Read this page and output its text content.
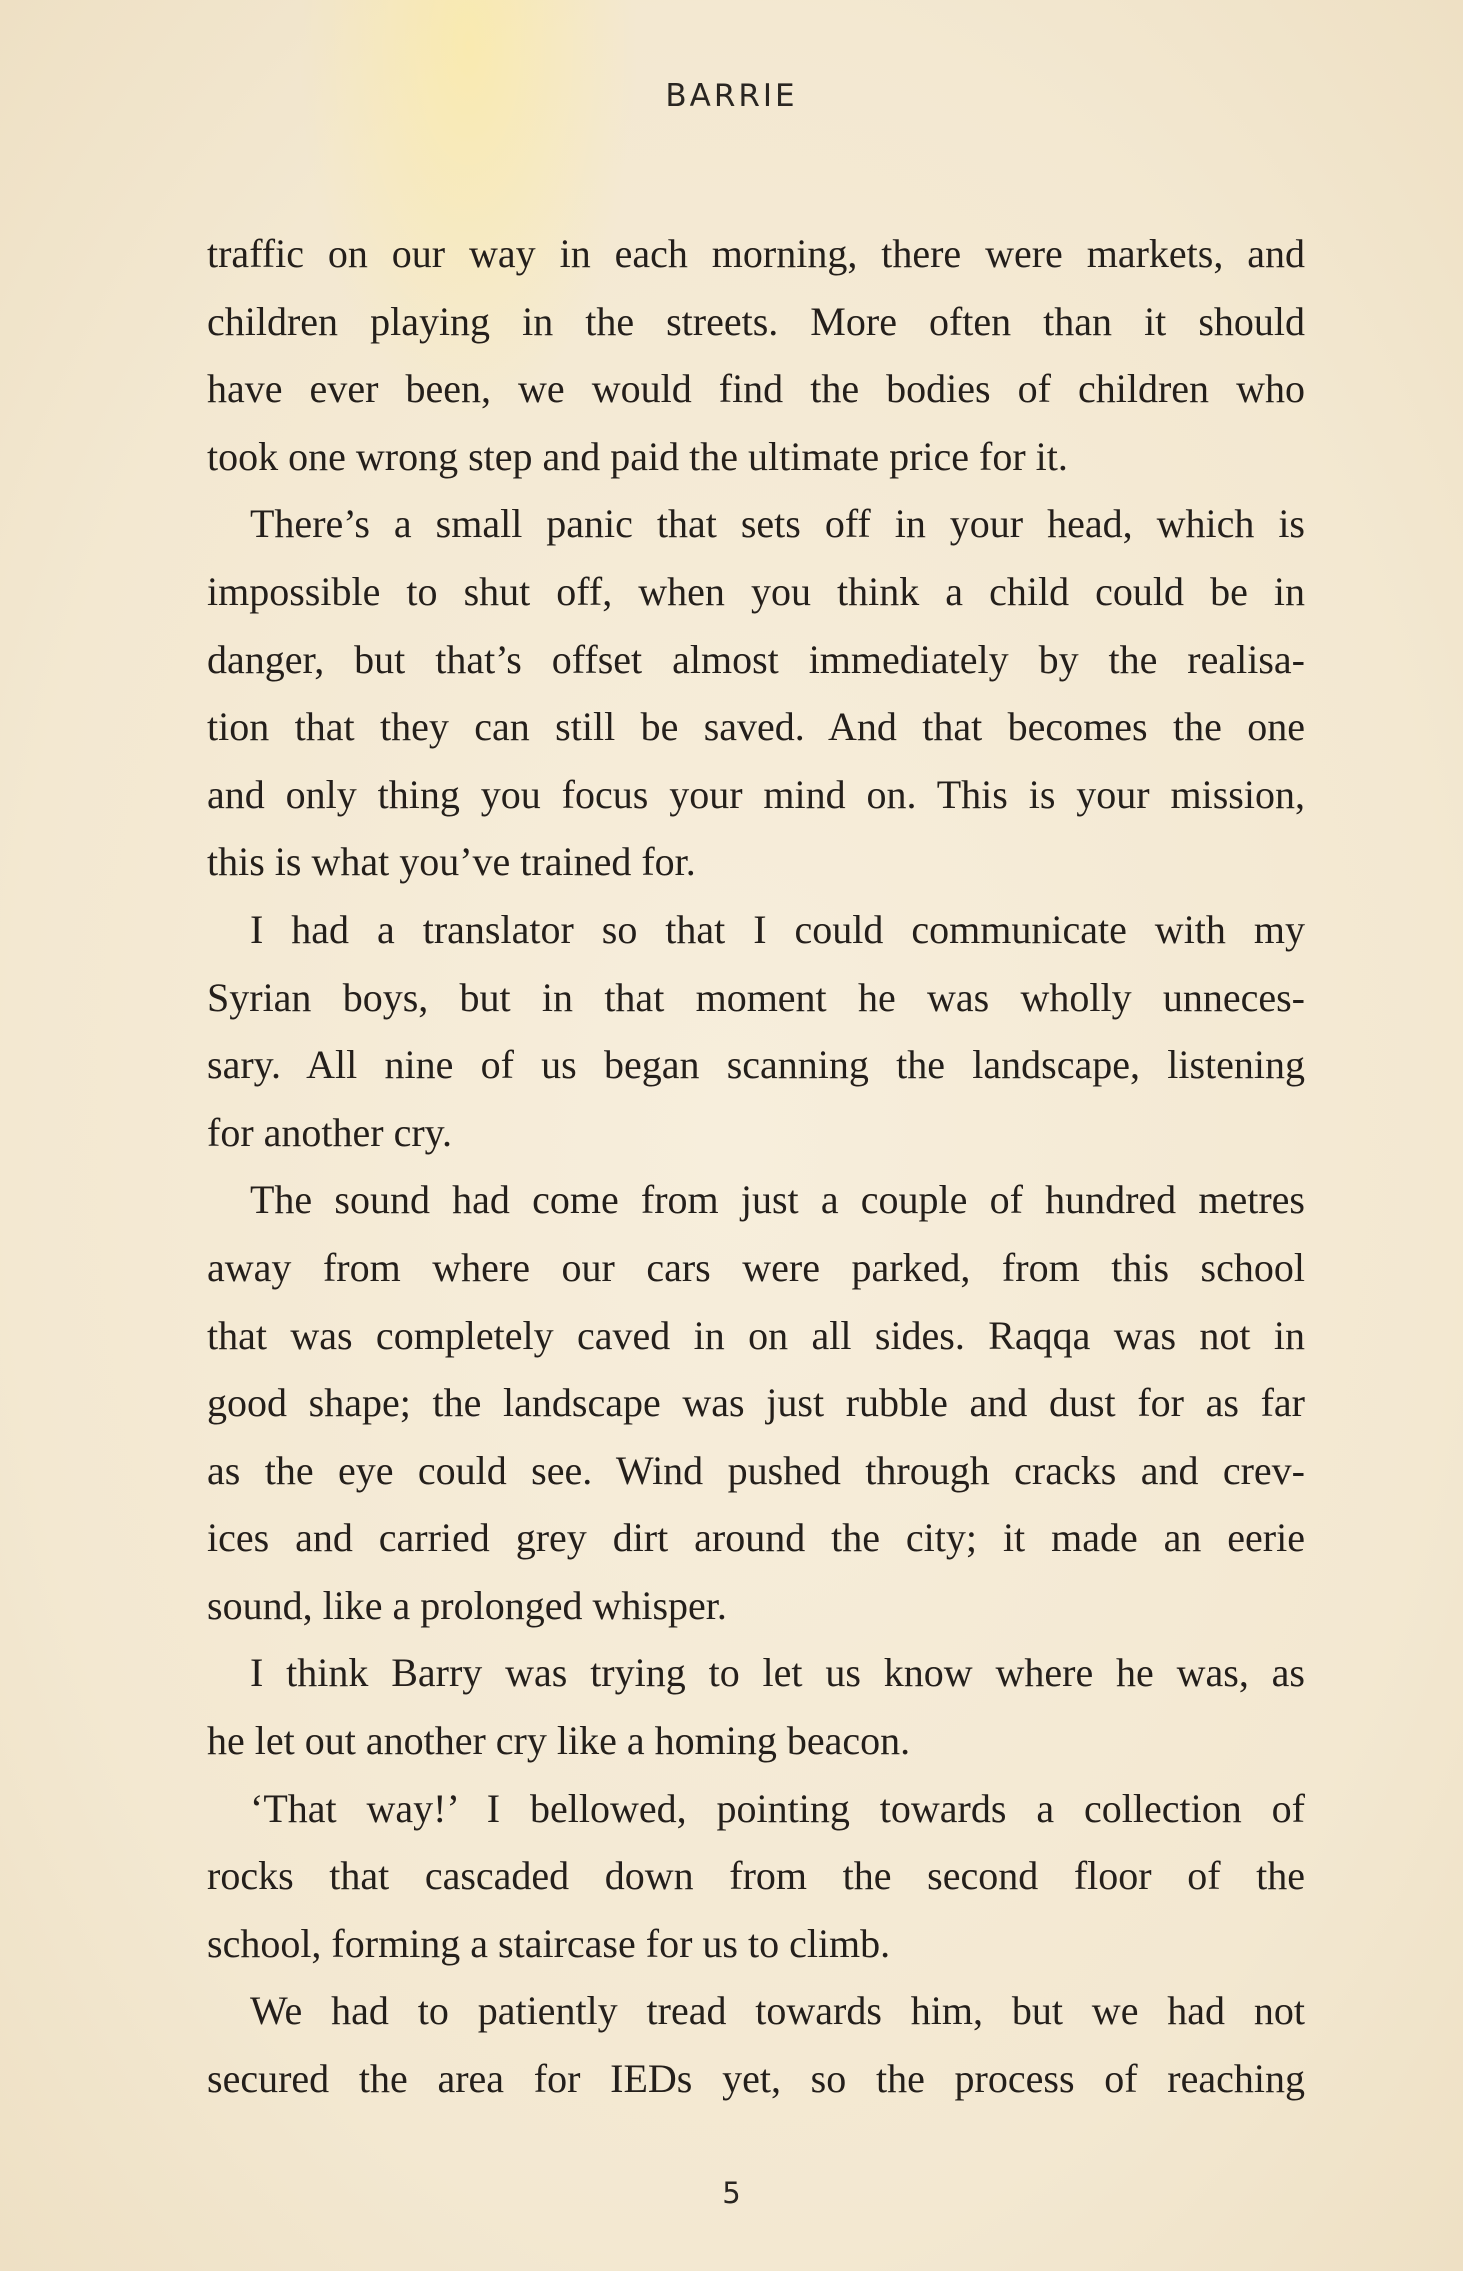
BARRIE
traffic on our way in each morning, there were markets, and
children playing in the streets. More often than it should
have ever been, we would find the bodies of children who
took one wrong step and paid the ultimate price for it.
There’s a small panic that sets off in your head, which is
impossible to shut off, when you think a child could be in
danger, but that’s offset almost immediately by the realisa-
tion that they can still be saved. And that becomes the one
and only thing you focus your mind on. This is your mission,
this is what you’ve trained for.
I had a translator so that I could communicate with my
Syrian boys, but in that moment he was wholly unneces-
sary. All nine of us began scanning the landscape, listening
for another cry.
The sound had come from just a couple of hundred metres
away from where our cars were parked, from this school
that was completely caved in on all sides. Raqqa was not in
good shape; the landscape was just rubble and dust for as far
as the eye could see. Wind pushed through cracks and crev-
ices and carried grey dirt around the city; it made an eerie
sound, like a prolonged whisper.
I think Barry was trying to let us know where he was, as
he let out another cry like a homing beacon.
‘That way!’ I bellowed, pointing towards a collection of
rocks that cascaded down from the second floor of the
school, forming a staircase for us to climb.
We had to patiently tread towards him, but we had not
secured the area for IEDs yet, so the process of reaching
5
